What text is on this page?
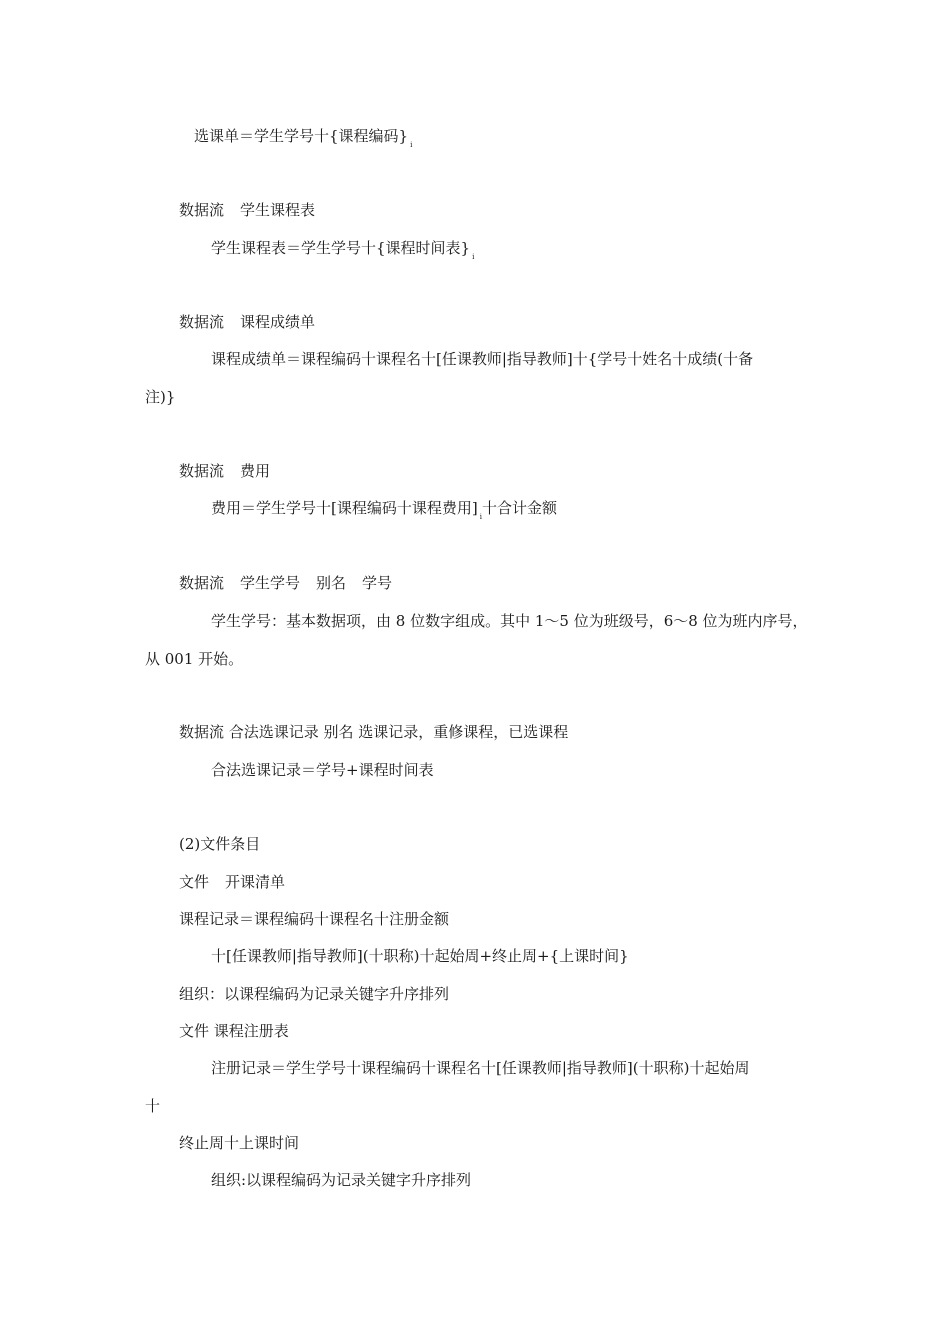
选课单＝学生学号十{课程编码} $_i$
数据流 学生课程表
学生课程表＝学生学号十{课程时间表} $_i$
数据流 课程成绩单
课程成绩单＝课程编码十课程名十[任课教师|指导教师]十{学号十姓名十成绩(十备
注)}
数据流 费用
费用＝学生学号十[课程编码十课程费用] $_i$十合计金额
数据流 学生学号 别名 学号
学生学号：基本数据项，由 8 位数字组成。其中 1～5 位为班级号，6～8 位为班内序号，
从 001 开始。
数据流 合法选课记录 别名 选课记录，重修课程，已选课程
合法选课记录＝学号+课程时间表
(2)文件条目
文件 开课清单
课程记录＝课程编码十课程名十注册金额
十[任课教师|指导教师](十职称)十起始周+终止周+{上课时间}
组织：以课程编码为记录关键字升序排列
文件 课程注册表
注册记录＝学生学号十课程编码十课程名十[任课教师|指导教师](十职称)十起始周
十
终止周十上课时间
组织:以课程编码为记录关键字升序排列
